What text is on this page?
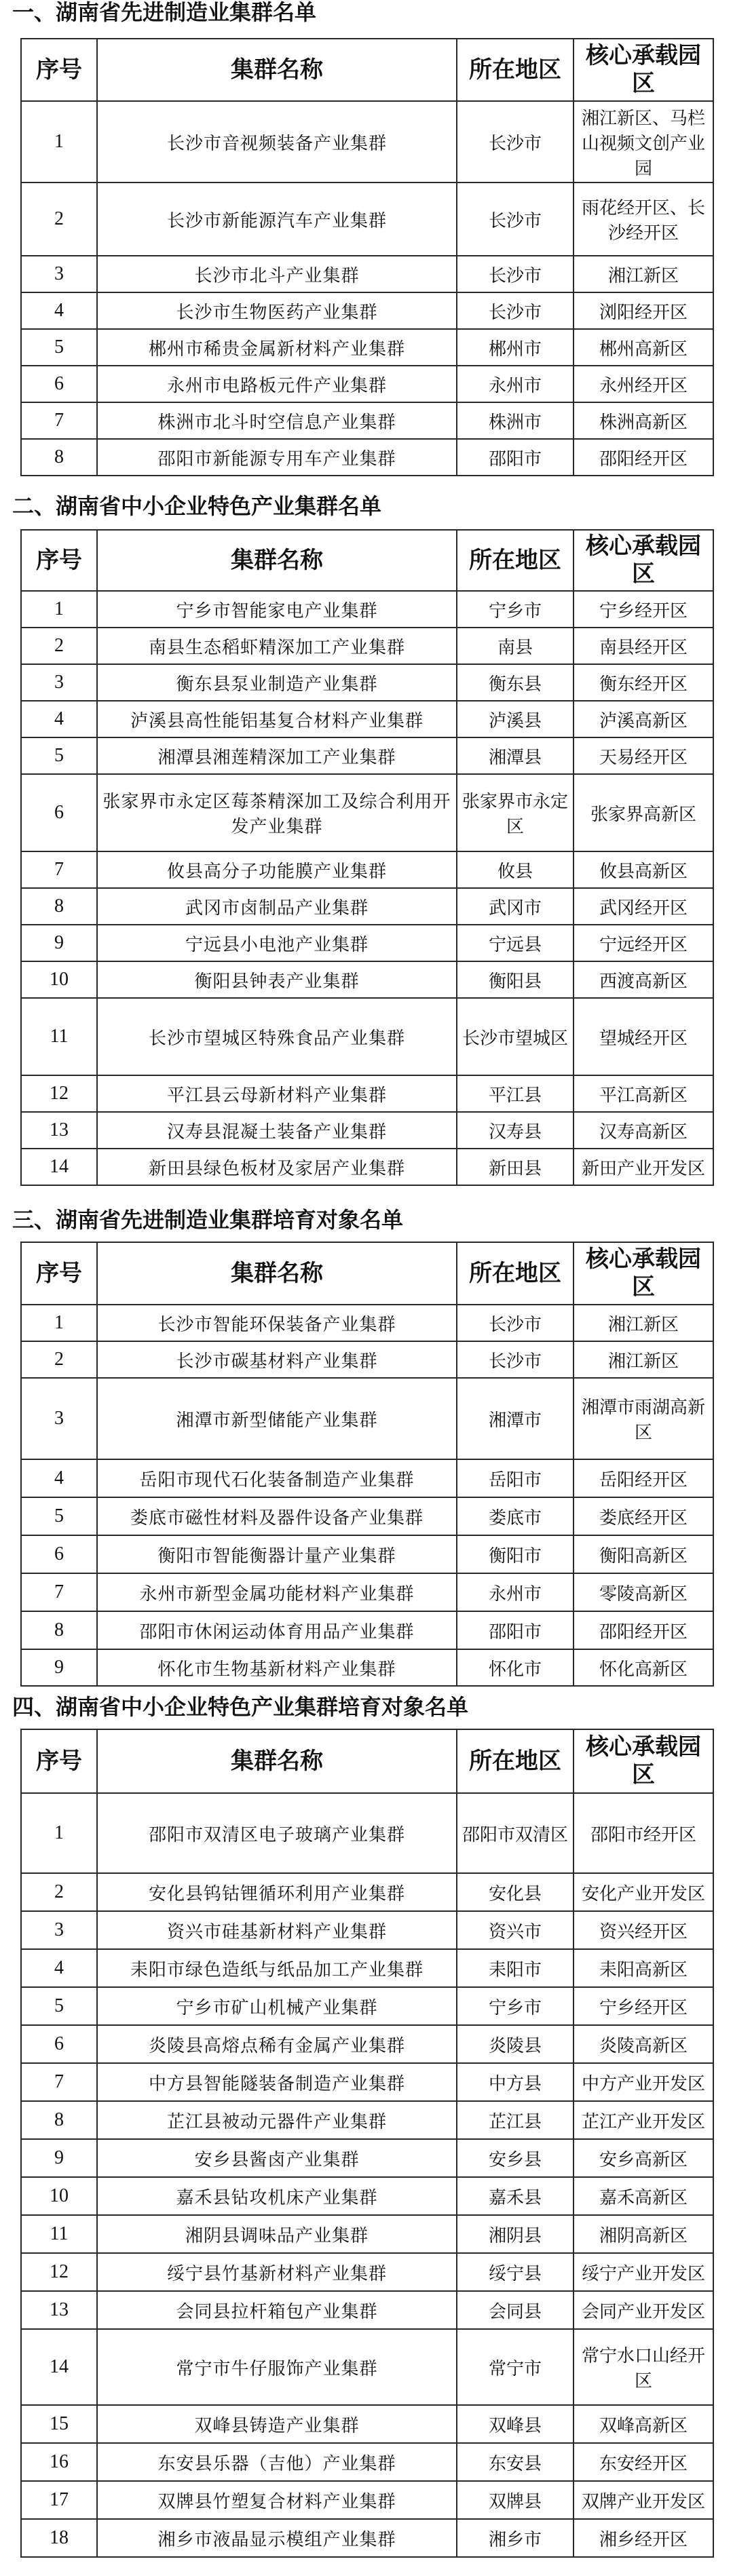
一、湖南省先进制造业集群名单
序号	集群名称	所在地区	核心承载园区
1	长沙市音视频装备产业集群	长沙市	湘江新区、马栏山视频文创产业园
2	长沙市新能源汽车产业集群	长沙市	雨花经开区、长沙经开区
3	长沙市北斗产业集群	长沙市	湘江新区
4	长沙市生物医药产业集群	长沙市	浏阳经开区
5	郴州市稀贵金属新材料产业集群	郴州市	郴州高新区
6	永州市电路板元件产业集群	永州市	永州经开区
7	株洲市北斗时空信息产业集群	株洲市	株洲高新区
8	邵阳市新能源专用车产业集群	邵阳市	邵阳经开区
二、湖南省中小企业特色产业集群名单
序号	集群名称	所在地区	核心承载园区
1	宁乡市智能家电产业集群	宁乡市	宁乡经开区
2	南县生态稻虾精深加工产业集群	南县	南县经开区
3	衡东县泵业制造产业集群	衡东县	衡东经开区
4	泸溪县高性能铝基复合材料产业集群	泸溪县	泸溪高新区
5	湘潭县湘莲精深加工产业集群	湘潭县	天易经开区
6	张家界市永定区莓茶精深加工及综合利用开发产业集群	张家界市永定区	张家界高新区
7	攸县高分子功能膜产业集群	攸县	攸县高新区
8	武冈市卤制品产业集群	武冈市	武冈经开区
9	宁远县小电池产业集群	宁远县	宁远经开区
10	衡阳县钟表产业集群	衡阳县	西渡高新区
11	长沙市望城区特殊食品产业集群	长沙市望城区	望城经开区
12	平江县云母新材料产业集群	平江县	平江高新区
13	汉寿县混凝土装备产业集群	汉寿县	汉寿高新区
14	新田县绿色板材及家居产业集群	新田县	新田产业开发区
三、湖南省先进制造业集群培育对象名单
序号	集群名称	所在地区	核心承载园区
1	长沙市智能环保装备产业集群	长沙市	湘江新区
2	长沙市碳基材料产业集群	长沙市	湘江新区
3	湘潭市新型储能产业集群	湘潭市	湘潭市雨湖高新区
4	岳阳市现代石化装备制造产业集群	岳阳市	岳阳经开区
5	娄底市磁性材料及器件设备产业集群	娄底市	娄底经开区
6	衡阳市智能衡器计量产业集群	衡阳市	衡阳高新区
7	永州市新型金属功能材料产业集群	永州市	零陵高新区
8	邵阳市休闲运动体育用品产业集群	邵阳市	邵阳经开区
9	怀化市生物基新材料产业集群	怀化市	怀化高新区
四、湖南省中小企业特色产业集群培育对象名单
序号	集群名称	所在地区	核心承载园区
1	邵阳市双清区电子玻璃产业集群	邵阳市双清区	邵阳市经开区
2	安化县钨钴锂循环利用产业集群	安化县	安化产业开发区
3	资兴市硅基新材料产业集群	资兴市	资兴经开区
4	耒阳市绿色造纸与纸品加工产业集群	耒阳市	耒阳高新区
5	宁乡市矿山机械产业集群	宁乡市	宁乡经开区
6	炎陵县高熔点稀有金属产业集群	炎陵县	炎陵高新区
7	中方县智能隧装备制造产业集群	中方县	中方产业开发区
8	芷江县被动元器件产业集群	芷江县	芷江产业开发区
9	安乡县酱卤产业集群	安乡县	安乡高新区
10	嘉禾县钻攻机床产业集群	嘉禾县	嘉禾高新区
11	湘阴县调味品产业集群	湘阴县	湘阴高新区
12	绥宁县竹基新材料产业集群	绥宁县	绥宁产业开发区
13	会同县拉杆箱包产业集群	会同县	会同产业开发区
14	常宁市牛仔服饰产业集群	常宁市	常宁水口山经开区
15	双峰县铸造产业集群	双峰县	双峰高新区
16	东安县乐器（吉他）产业集群	东安县	东安经开区
17	双牌县竹塑复合材料产业集群	双牌县	双牌产业开发区
18	湘乡市液晶显示模组产业集群	湘乡市	湘乡经开区
